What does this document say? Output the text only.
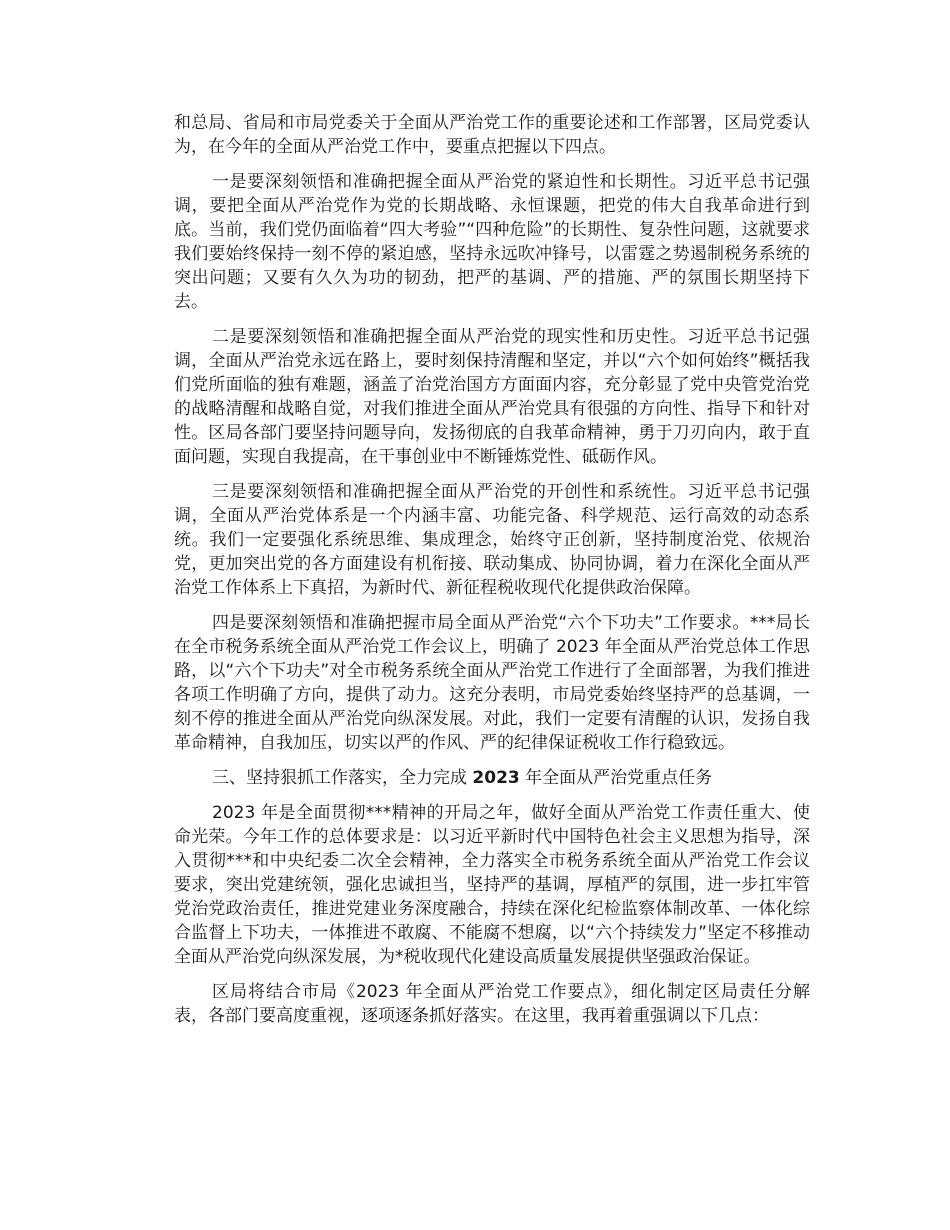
和总局、省局和市局党委关于全面从严治党工作的重要论述和工作部署，区局党委认为，在今年的全面从严治党工作中，要重点把握以下四点。

一是要深刻领悟和准确把握全面从严治党的紧迫性和长期性。习近平总书记强调，要把全面从严治党作为党的长期战略、永恒课题，把党的伟大自我革命进行到底。当前，我们党仍面临着“四大考验”“四种危险”的长期性、复杂性问题，这就要求我们要始终保持一刻不停的紧迫感，坚持永远吹冲锋号，以雷霆之势遏制税务系统的突出问题；又要有久久为功的韧劲，把严的基调、严的措施、严的氛围长期坚持下去。

二是要深刻领悟和准确把握全面从严治党的现实性和历史性。习近平总书记强调，全面从严治党永远在路上，要时刻保持清醒和坚定，并以“六个如何始终”概括我们党所面临的独有难题，涵盖了治党治国方方面面内容，充分彰显了党中央管党治党的战略清醒和战略自觉，对我们推进全面从严治党具有很强的方向性、指导下和针对性。区局各部门要坚持问题导向，发扬彻底的自我革命精神，勇于刀刃向内，敢于直面问题，实现自我提高，在干事创业中不断锤炼党性、砥砺作风。

三是要深刻领悟和准确把握全面从严治党的开创性和系统性。习近平总书记强调，全面从严治党体系是一个内涵丰富、功能完备、科学规范、运行高效的动态系统。我们一定要强化系统思维、集成理念，始终守正创新，坚持制度治党、依规治党，更加突出党的各方面建设有机衔接、联动集成、协同协调，着力在深化全面从严治党工作体系上下真招，为新时代、新征程税收现代化提供政治保障。

四是要深刻领悟和准确把握市局全面从严治党“六个下功夫”工作要求。***局长在全市税务系统全面从严治党工作会议上，明确了 2023 年全面从严治党总体工作思路，以“六个下功夫”对全市税务系统全面从严治党工作进行了全面部署，为我们推进各项工作明确了方向，提供了动力。这充分表明，市局党委始终坚持严的总基调，一刻不停的推进全面从严治党向纵深发展。对此，我们一定要有清醒的认识，发扬自我革命精神，自我加压，切实以严的作风、严的纪律保证税收工作行稳致远。

三、坚持狠抓工作落实，全力完成 2023 年全面从严治党重点任务

2023 年是全面贯彻***精神的开局之年，做好全面从严治党工作责任重大、使命光荣。今年工作的总体要求是：以习近平新时代中国特色社会主义思想为指导，深入贯彻***和中央纪委二次全会精神，全力落实全市税务系统全面从严治党工作会议要求，突出党建统领，强化忠诚担当，坚持严的基调，厚植严的氛围，进一步扛牢管党治党政治责任，推进党建业务深度融合，持续在深化纪检监察体制改革、一体化综合监督上下功夫，一体推进不敢腐、不能腐不想腐，以“六个持续发力”坚定不移推动全面从严治党向纵深发展，为*税收现代化建设高质量发展提供坚强政治保证。

区局将结合市局《2023 年全面从严治党工作要点》，细化制定区局责任分解表，各部门要高度重视，逐项逐条抓好落实。在这里，我再着重强调以下几点：
